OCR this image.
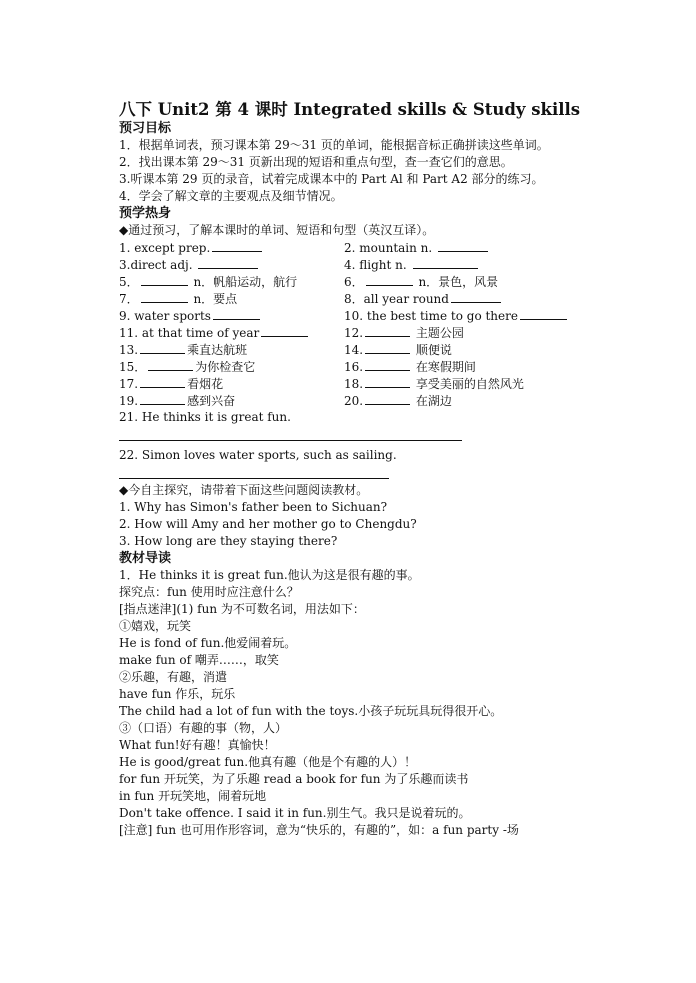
八下 Unit2 第 4 课时 Integrated skills & Study skills
预习目标
1．根据单词表，预习课本第 29～31 页的单词，能根据音标正确拼读这些单词。
2．找出课本第 29～31 页新出现的短语和重点句型，查一查它们的意思。
3.听课本第 29 页的录音，试着完成课本中的 Part Al 和 Part A2 部分的练习。
4．学会了解文章的主要观点及细节情况。
预学热身
◆通过预习，了解本课时的单词、短语和句型（英汉互译）。
1. except prep.	2. mountain n.
3.direct adj.	4. flight n.
5．	n．帆船运动，航行	6．	n．景色，风景
7．	n．要点	8．all year round
9. water sports	10. the best time to go there
11. at that time of year	12.	主题公园
13.	乘直达航班	14.	顺便说
15．	为你检查它	16.	在寒假期间
17.	看烟花	18.	享受美丽的自然风光
19.	感到兴奋	20.	在湖边
21. He thinks it is great fun.
22. Simon loves water sports, such as sailing.
◆今自主探究，请带着下面这些问题阅读教材。
1. Why has Simon's father been to Sichuan?
2. How will Amy and her mother go to Chengdu?
3. How long are they staying there?
教材导读
1．He thinks it is great fun.他认为这是很有趣的事。
探究点：fun 使用时应注意什么？
[指点迷津](1) fun 为不可数名词，用法如下：
①嬉戏，玩笑
He is fond of fun.他爱闹着玩。
make fun of 嘲弄……，取笑
②乐趣，有趣，消遣
have fun 作乐，玩乐
The child had a lot of fun with the toys.小孩子玩玩具玩得很开心。
③（口语）有趣的事（物，人）
What fun!好有趣！真愉快！
He is good/great fun.他真有趣（他是个有趣的人）！
for fun 开玩笑，为了乐趣 read a book for fun 为了乐趣而读书
in fun 开玩笑地，闹着玩地
Don't take offence. I said it in fun.别生气。我只是说着玩的。
[注意] fun 也可用作形容词，意为“快乐的，有趣的”，如：a fun party -场
